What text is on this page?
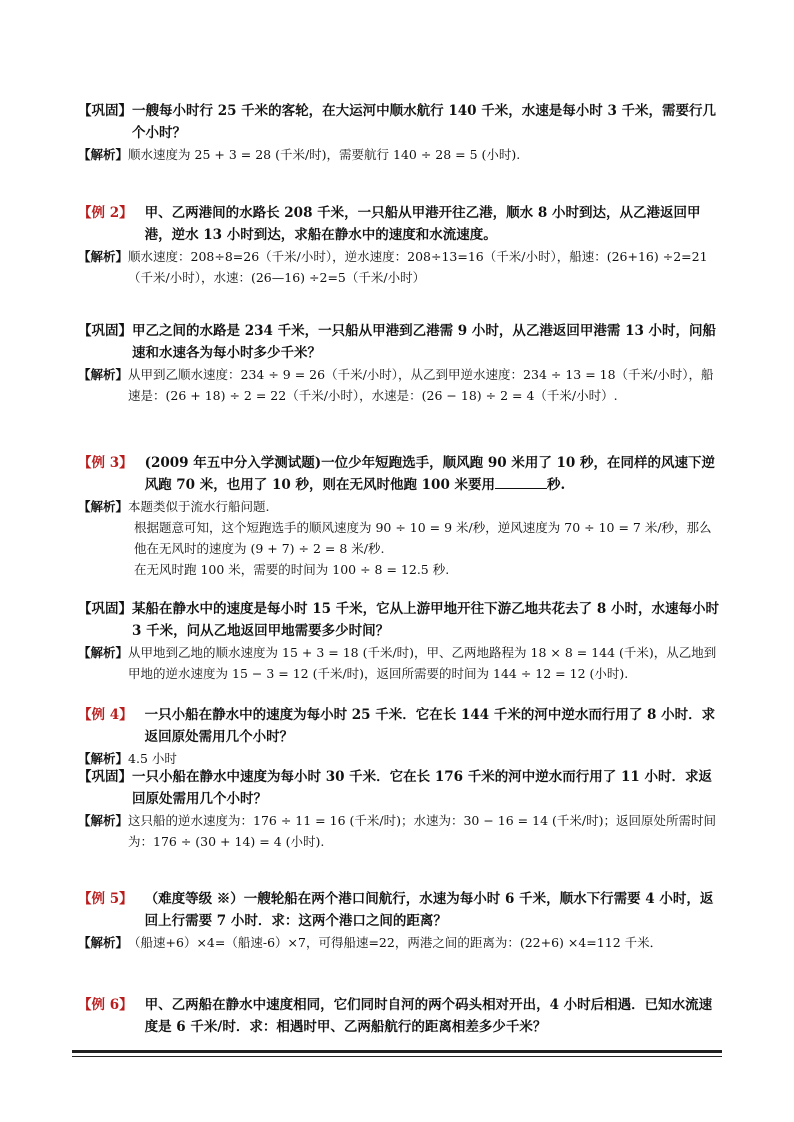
【巩固】 一艘每小时行 25 千米的客轮，在大运河中顺水航行 140 千米，水速是每小时 3 千米，需要行几个小时？
【解析】 顺水速度为 25 + 3 = 28 (千米/时)，需要航行 140 ÷ 28 = 5 (小时).
【例 2】 甲、乙两港间的水路长 208 千米，一只船从甲港开往乙港，顺水 8 小时到达，从乙港返回甲港，逆水 13 小时到达，求船在静水中的速度和水流速度。
【解析】 顺水速度：208÷8=26（千米/小时），逆水速度：208÷13=16（千米/小时），船速：(26+16) ÷2=21（千米/小时），水速：(26—16) ÷2=5（千米/小时）
【巩固】 甲乙之间的水路是 234 千米，一只船从甲港到乙港需 9 小时，从乙港返回甲港需 13 小时，问船速和水速各为每小时多少千米？
【解析】 从甲到乙顺水速度：234 ÷ 9 = 26（千米/小时），从乙到甲逆水速度：234 ÷ 13 = 18（千米/小时），船速是：(26 + 18) ÷ 2 = 22（千米/小时），水速是：(26 − 18) ÷ 2 = 4（千米/小时）.
【例 3】 (2009 年五中分入学测试题)一位少年短跑选手，顺风跑 90 米用了 10 秒，在同样的风速下逆风跑 70 米，也用了 10 秒，则在无风时他跑 100 米要用	秒.
【解析】 本题类似于流水行船问题.
根据题意可知，这个短跑选手的顺风速度为 90 ÷ 10 = 9 米/秒，逆风速度为 70 ÷ 10 = 7 米/秒，那么他在无风时的速度为 (9 + 7) ÷ 2 = 8 米/秒.
在无风时跑 100 米，需要的时间为 100 ÷ 8 = 12.5 秒.
【巩固】 某船在静水中的速度是每小时 15 千米，它从上游甲地开往下游乙地共花去了 8 小时，水速每小时 3 千米，问从乙地返回甲地需要多少时间？
【解析】 从甲地到乙地的顺水速度为 15 + 3 = 18 (千米/时)，甲、乙两地路程为 18 × 8 = 144 (千米)，从乙地到甲地的逆水速度为 15 − 3 = 12 (千米/时)，返回所需要的时间为 144 ÷ 12 = 12 (小时).
【例 4】 一只小船在静水中的速度为每小时 25 千米．它在长 144 千米的河中逆水而行用了 8 小时．求返回原处需用几个小时？
【解析】 4.5 小时
【巩固】 一只小船在静水中速度为每小时 30 千米．它在长 176 千米的河中逆水而行用了 11 小时．求返回原处需用几个小时？
【解析】 这只船的逆水速度为：176 ÷ 11 = 16 (千米/时)；水速为：30 − 16 = 14 (千米/时)；返回原处所需时间为：176 ÷ (30 + 14) = 4 (小时).
【例 5】 （难度等级 ※）一艘轮船在两个港口间航行，水速为每小时 6 千米，顺水下行需要 4 小时，返回上行需要 7 小时．求：这两个港口之间的距离？
【解析】 （船速+6）×4=（船速-6）×7，可得船速=22，两港之间的距离为：(22+6) ×4=112 千米．
【例 6】 甲、乙两船在静水中速度相同，它们同时自河的两个码头相对开出，4 小时后相遇．已知水流速度是 6 千米/时．求：相遇时甲、乙两船航行的距离相差多少千米？
